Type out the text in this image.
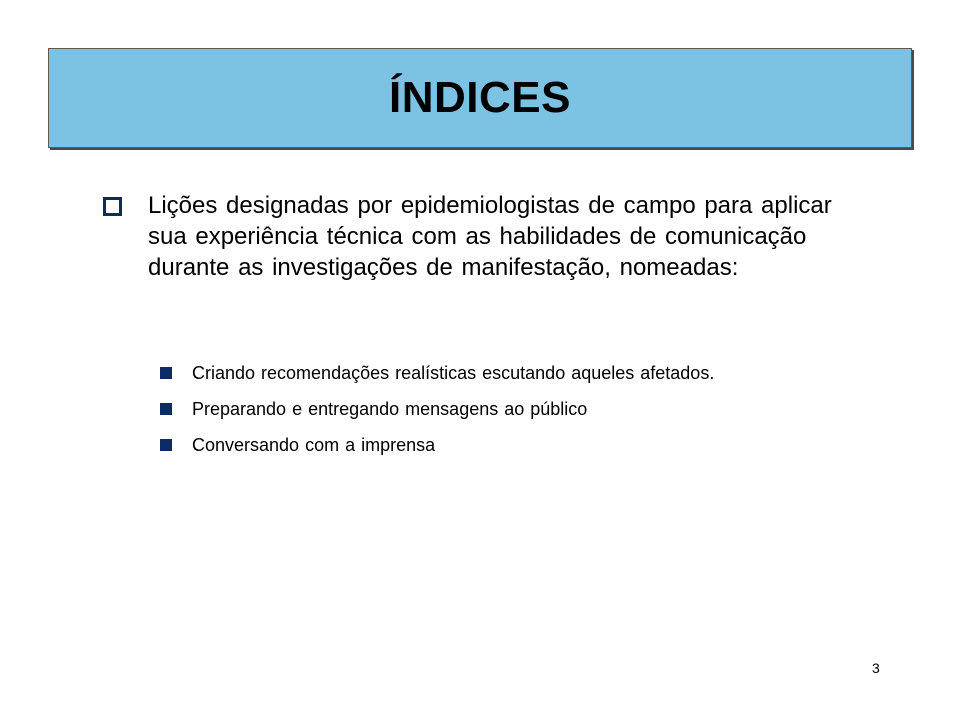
ÍNDICES
Lições designadas por epidemiologistas de campo para aplicar sua experiência técnica com as habilidades de comunicação durante as investigações de manifestação, nomeadas:
Criando recomendações realísticas escutando aqueles afetados.
Preparando e entregando mensagens ao público
Conversando com a imprensa
3
